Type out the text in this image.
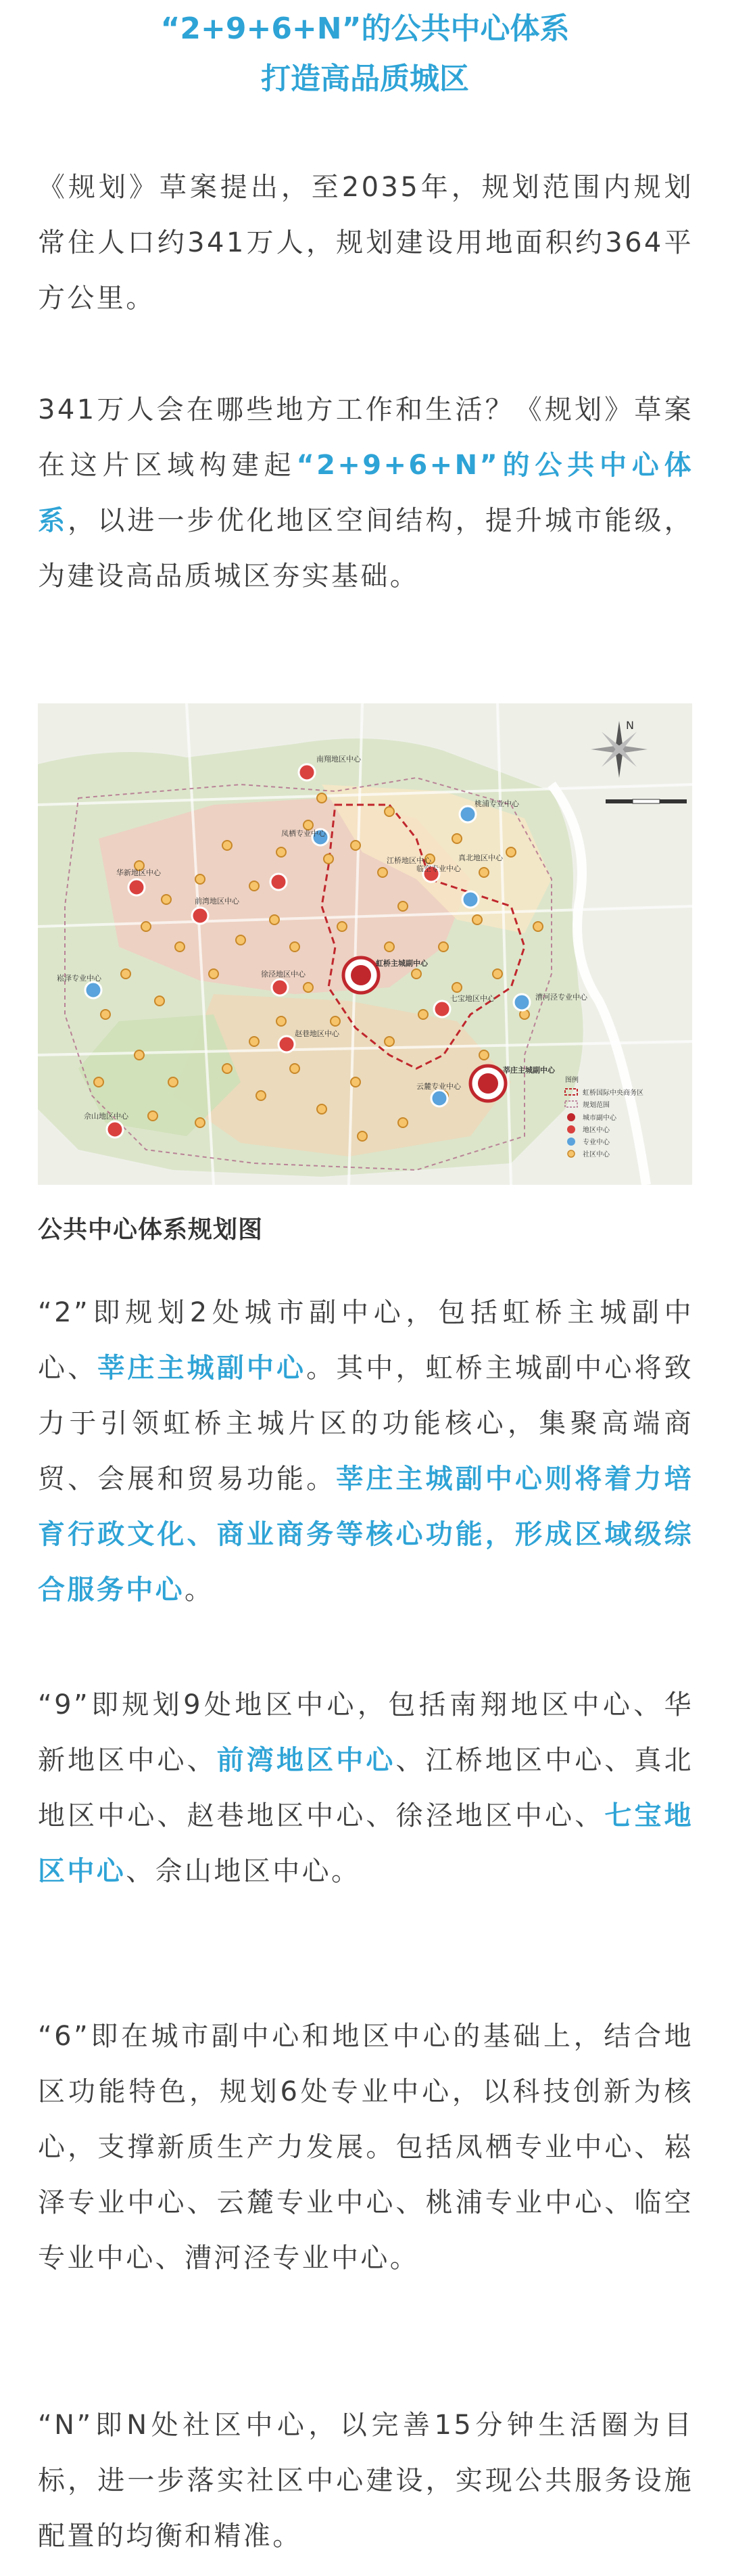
“2+9+6+N”的公共中心体系
打造高品质城区

《规划》草案提出，至2035年，规划范围内规划常住人口约341万人，规划建设用地面积约364平方公里。

341万人会在哪些地方工作和生活？《规划》草案在这片区域构建起“2+9+6+N”的公共中心体系，以进一步优化地区空间结构，提升城市能级，为建设高品质城区夯实基础。

南翔地区中心
桃浦专业中心
凤栖专业中心
真北地区中心
江桥地区中心
临空专业中心
华新地区中心
前湾地区中心
虹桥主城副中心
徐泾地区中心
崧泽专业中心
七宝地区中心	漕河泾专业中心
赵巷地区中心
莘庄主城副中心
云麓专业中心
佘山地区中心
N
图例
虹桥国际中央商务区
规划范围
城市副中心
地区中心
专业中心
社区中心
公共中心体系规划图

“2”即规划2处城市副中心，包括虹桥主城副中心、莘庄主城副中心。其中，虹桥主城副中心将致力于引领虹桥主城片区的功能核心，集聚高端商贸、会展和贸易功能。莘庄主城副中心则将着力培育行政文化、商业商务等核心功能，形成区域级综合服务中心。

“9”即规划9处地区中心，包括南翔地区中心、华新地区中心、前湾地区中心、江桥地区中心、真北地区中心、赵巷地区中心、徐泾地区中心、七宝地区中心、佘山地区中心。

“6”即在城市副中心和地区中心的基础上，结合地区功能特色，规划6处专业中心，以科技创新为核心，支撑新质生产力发展。包括凤栖专业中心、崧泽专业中心、云麓专业中心、桃浦专业中心、临空专业中心、漕河泾专业中心。

“N”即N处社区中心，以完善15分钟生活圈为目标，进一步落实社区中心建设，实现公共服务设施配置的均衡和精准。
